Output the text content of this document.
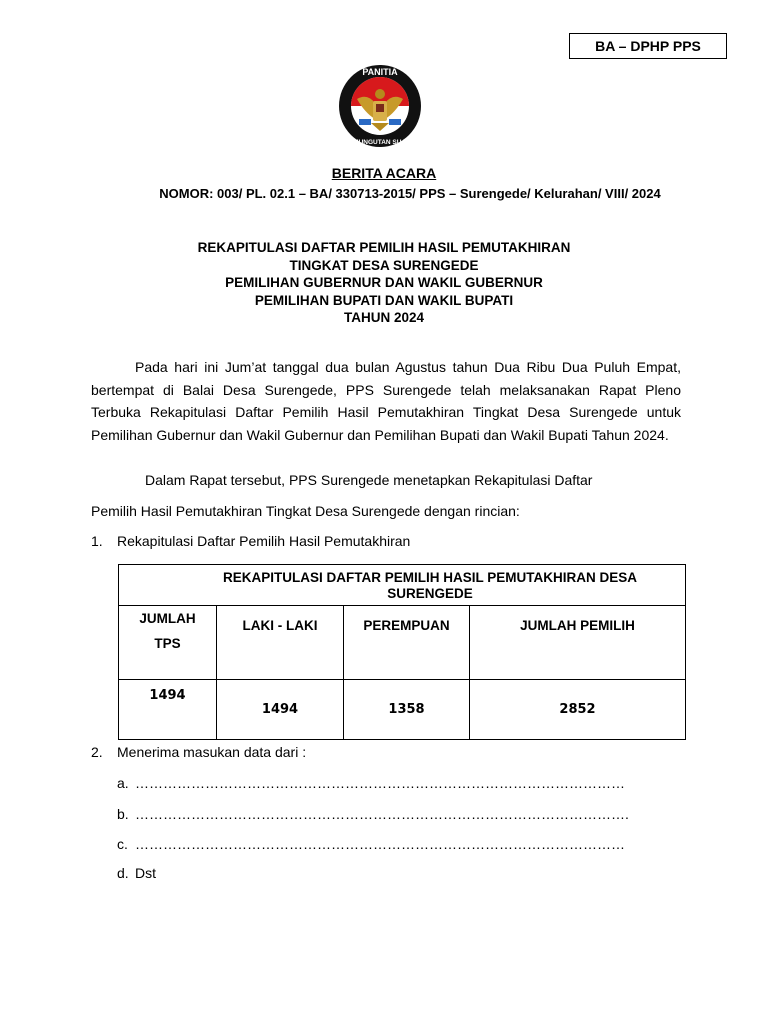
BA – DPHP PPS
PANITIA
PEMUNGUTAN SUARA
BERITA ACARA
NOMOR: 003/ PL. 02.1 – BA/ 330713-2015/ PPS – Surengede/ Kelurahan/ VIII/ 2024
REKAPITULASI DAFTAR PEMILIH HASIL PEMUTAKHIRAN
TINGKAT DESA SURENGEDE
PEMILIHAN GUBERNUR DAN WAKIL GUBERNUR
PEMILIHAN BUPATI DAN WAKIL BUPATI
TAHUN 2024
Pada hari ini Jum’at tanggal dua bulan Agustus tahun Dua Ribu Dua Puluh Empat, bertempat di Balai Desa Surengede, PPS Surengede telah melaksanakan Rapat Pleno Terbuka Rekapitulasi Daftar Pemilih Hasil Pemutakhiran Tingkat Desa Surengede untuk Pemilihan Gubernur dan Wakil Gubernur dan Pemilihan Bupati dan Wakil Bupati Tahun 2024.
Dalam Rapat tersebut, PPS Surengede menetapkan Rekapitulasi Daftar
Pemilih Hasil Pemutakhiran Tingkat Desa Surengede dengan rincian:
1. Rekapitulasi Daftar Pemilih Hasil Pemutakhiran
REKAPITULASI DAFTAR PEMILIH HASIL PEMUTAKHIRAN DESA SURENGEDE			

JUMLAH
TPS	LAKI - LAKI	PEREMPUAN	JUMLAH PEMILIH
1494	1494	1358	2852
2. Menerima masukan data dari :
a. ……………………………………………………………………………………………
b. …………………………………………………………………………………………….
c. ……………………………………………………………………………………………
d. Dst
